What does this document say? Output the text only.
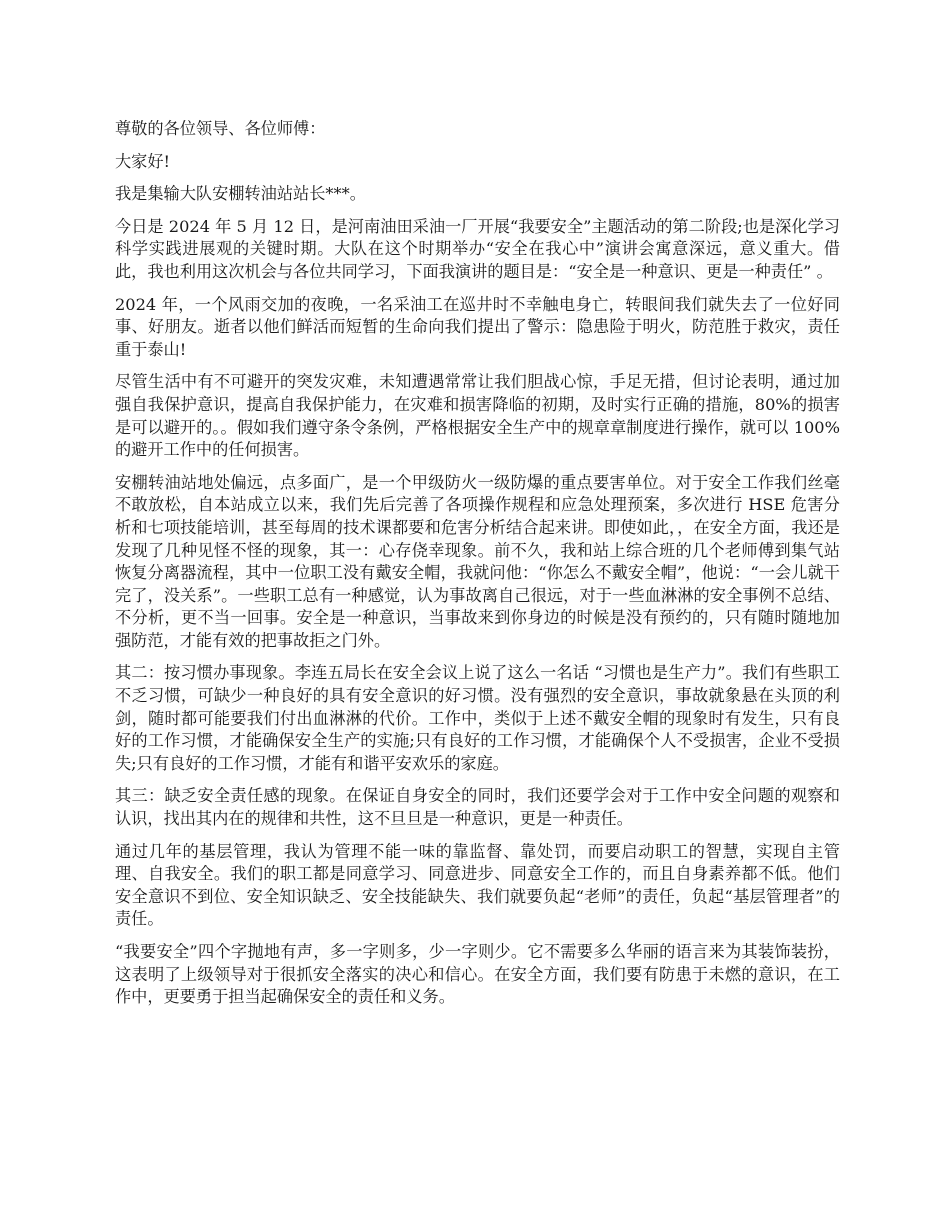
尊敬的各位领导、各位师傅：

大家好!

我是集输大队安棚转油站站长***。

今日是 2024 年 5 月 12 日，是河南油田采油一厂开展“我要安全”主题活动的第二阶段;也是深化学习科学实践进展观的关键时期。大队在这个时期举办“安全在我心中”演讲会寓意深远，意义重大。借此，我也利用这次机会与各位共同学习，下面我演讲的题目是：“安全是一种意识、更是一种责任” 。

2024 年，一个风雨交加的夜晚，一名采油工在巡井时不幸触电身亡，转眼间我们就失去了一位好同事、好朋友。逝者以他们鲜活而短暂的生命向我们提出了警示：隐患险于明火，防范胜于救灾，责任重于泰山!

尽管生活中有不可避开的突发灾难，未知遭遇常常让我们胆战心惊，手足无措，但讨论表明，通过加强自我保护意识，提高自我保护能力，在灾难和损害降临的初期，及时实行正确的措施，80%的损害是可以避开的。。假如我们遵守条令条例，严格根据安全生产中的规章章制度进行操作，就可以 100%的避开工作中的任何损害。

安棚转油站地处偏远，点多面广，是一个甲级防火一级防爆的重点要害单位。对于安全工作我们丝毫不敢放松，自本站成立以来，我们先后完善了各项操作规程和应急处理预案，多次进行 HSE 危害分析和七项技能培训，甚至每周的技术课都要和危害分析结合起来讲。即使如此，，在安全方面，我还是发现了几种见怪不怪的现象，其一：心存侥幸现象。前不久，我和站上综合班的几个老师傅到集气站恢复分离器流程，其中一位职工没有戴安全帽，我就问他：“你怎么不戴安全帽”，他说：“一会儿就干完了，没关系”。一些职工总有一种感觉，认为事故离自己很远，对于一些血淋淋的安全事例不总结、不分析，更不当一回事。安全是一种意识，当事故来到你身边的时候是没有预约的，只有随时随地加强防范，才能有效的把事故拒之门外。

其二：按习惯办事现象。李连五局长在安全会议上说了这么一名话 “习惯也是生产力”。我们有些职工不乏习惯，可缺少一种良好的具有安全意识的好习惯。没有强烈的安全意识，事故就象悬在头顶的利剑，随时都可能要我们付出血淋淋的代价。工作中，类似于上述不戴安全帽的现象时有发生，只有良好的工作习惯，才能确保安全生产的实施;只有良好的工作习惯，才能确保个人不受损害，企业不受损失;只有良好的工作习惯，才能有和谐平安欢乐的家庭。

其三：缺乏安全责任感的现象。在保证自身安全的同时，我们还要学会对于工作中安全问题的观察和认识，找出其内在的规律和共性，这不旦旦是一种意识，更是一种责任。

通过几年的基层管理，我认为管理不能一味的靠监督、靠处罚，而要启动职工的智慧，实现自主管理、自我安全。我们的职工都是同意学习、同意进步、同意安全工作的，而且自身素养都不低。他们安全意识不到位、安全知识缺乏、安全技能缺失、我们就要负起“老师”的责任，负起“基层管理者”的责任。

“我要安全”四个字抛地有声，多一字则多，少一字则少。它不需要多么华丽的语言来为其装饰装扮，这表明了上级领导对于很抓安全落实的决心和信心。在安全方面，我们要有防患于未燃的意识，在工作中，更要勇于担当起确保安全的责任和义务。
